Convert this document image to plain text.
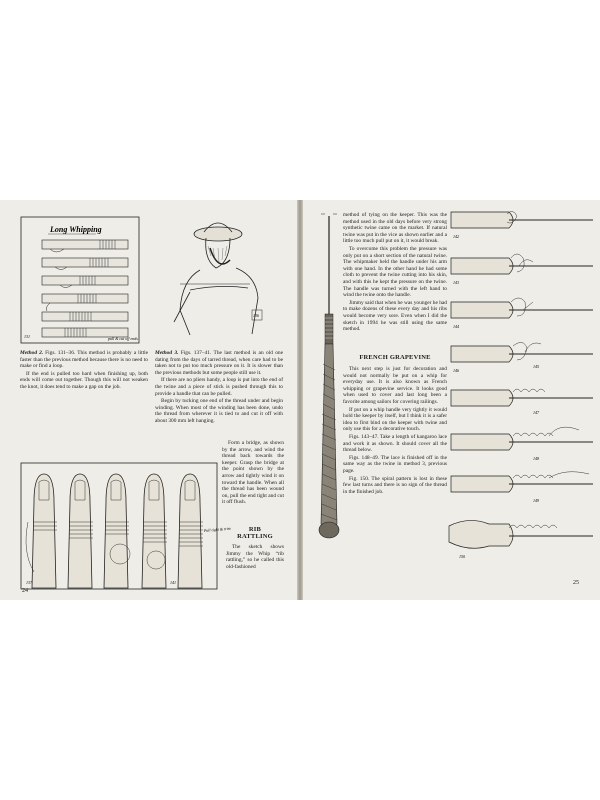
Long Whipping
131	pull & cut off ends
136

Method 2. Figs. 131–36. This method is probably a little faster than the previous method because there is no need to make or find a loop.

If the end is pulled too hard when finishing up, both ends will come out together. Though this will not weaken the knot, it does tend to make a gap on the job.

Method 3. Figs. 137–41. The last method is an old one dating from the days of tarred thread, when care had to be taken not to put too much pressure on it. It is slower than the previous methods but some people still use it.

If there are no pliers handy, a loop is put into the end of the twine and a piece of stick is pushed through this to provide a handle that can be pulled.

Begin by tucking one end of the thread under and begin winding. When most of the winding has been done, undo the thread from wherever it is tied to and cut it off with about 300 mm left hanging.

Form a bridge, as shown by the arrow, and wind the thread back towards the keeper. Grasp the bridge at the point shown by the arrow and tightly wind it on toward the handle. When all the thread has been wound on, pull the end tight and cut it off flush.

137	141
Pull tight & trim	RIB
RATTLING

The sketch shows Jimmy the Whip “rib rattling,” so he called this old-fashioned

24

method of tying on the keeper. This was the method used in the old days before very strong synthetic twine came on the market. If natural twine was put in the vice as shown earlier and a little too much pull put on it, it would break.

To overcome this problem the pressure was only put on a short section of the natural twine. The whipmaker held the handle under his arm with one hand. In the other hand he had some cloth to prevent the twine cutting into his skin, and with this he kept the pressure on the twine. The handle was turned with the left hand to wind the twine onto the handle.

Jimmy said that when he was younger he had to make dozens of these every day and his ribs would become very sore. Even when I did the sketch in 1994 he was still using the same method.

FRENCH GRAPEVINE

This next step is just for decoration and would not normally be put on a whip for everyday use. It is also known as French whipping or grapevine service. It looks good when used to cover and last long been a favorite among sailors for covering railings.

If put on a whip handle very tightly it would hold the keeper by itself, but I think it is a safer idea to first bind on the keeper with twine and only use this for a decorative touch.

Figs. 143–47. Take a length of kangaroo lace and work it as shown. It should cover all the thread below.

Figs. 148–49. The lace is finished off in the same way as the twine in method 3, previous page.

Fig. 150. The spiral pattern is lost in these few last turns and there is no sign of the thread in the finished job.

142
143
144
145
146
147
148
149
150
25
